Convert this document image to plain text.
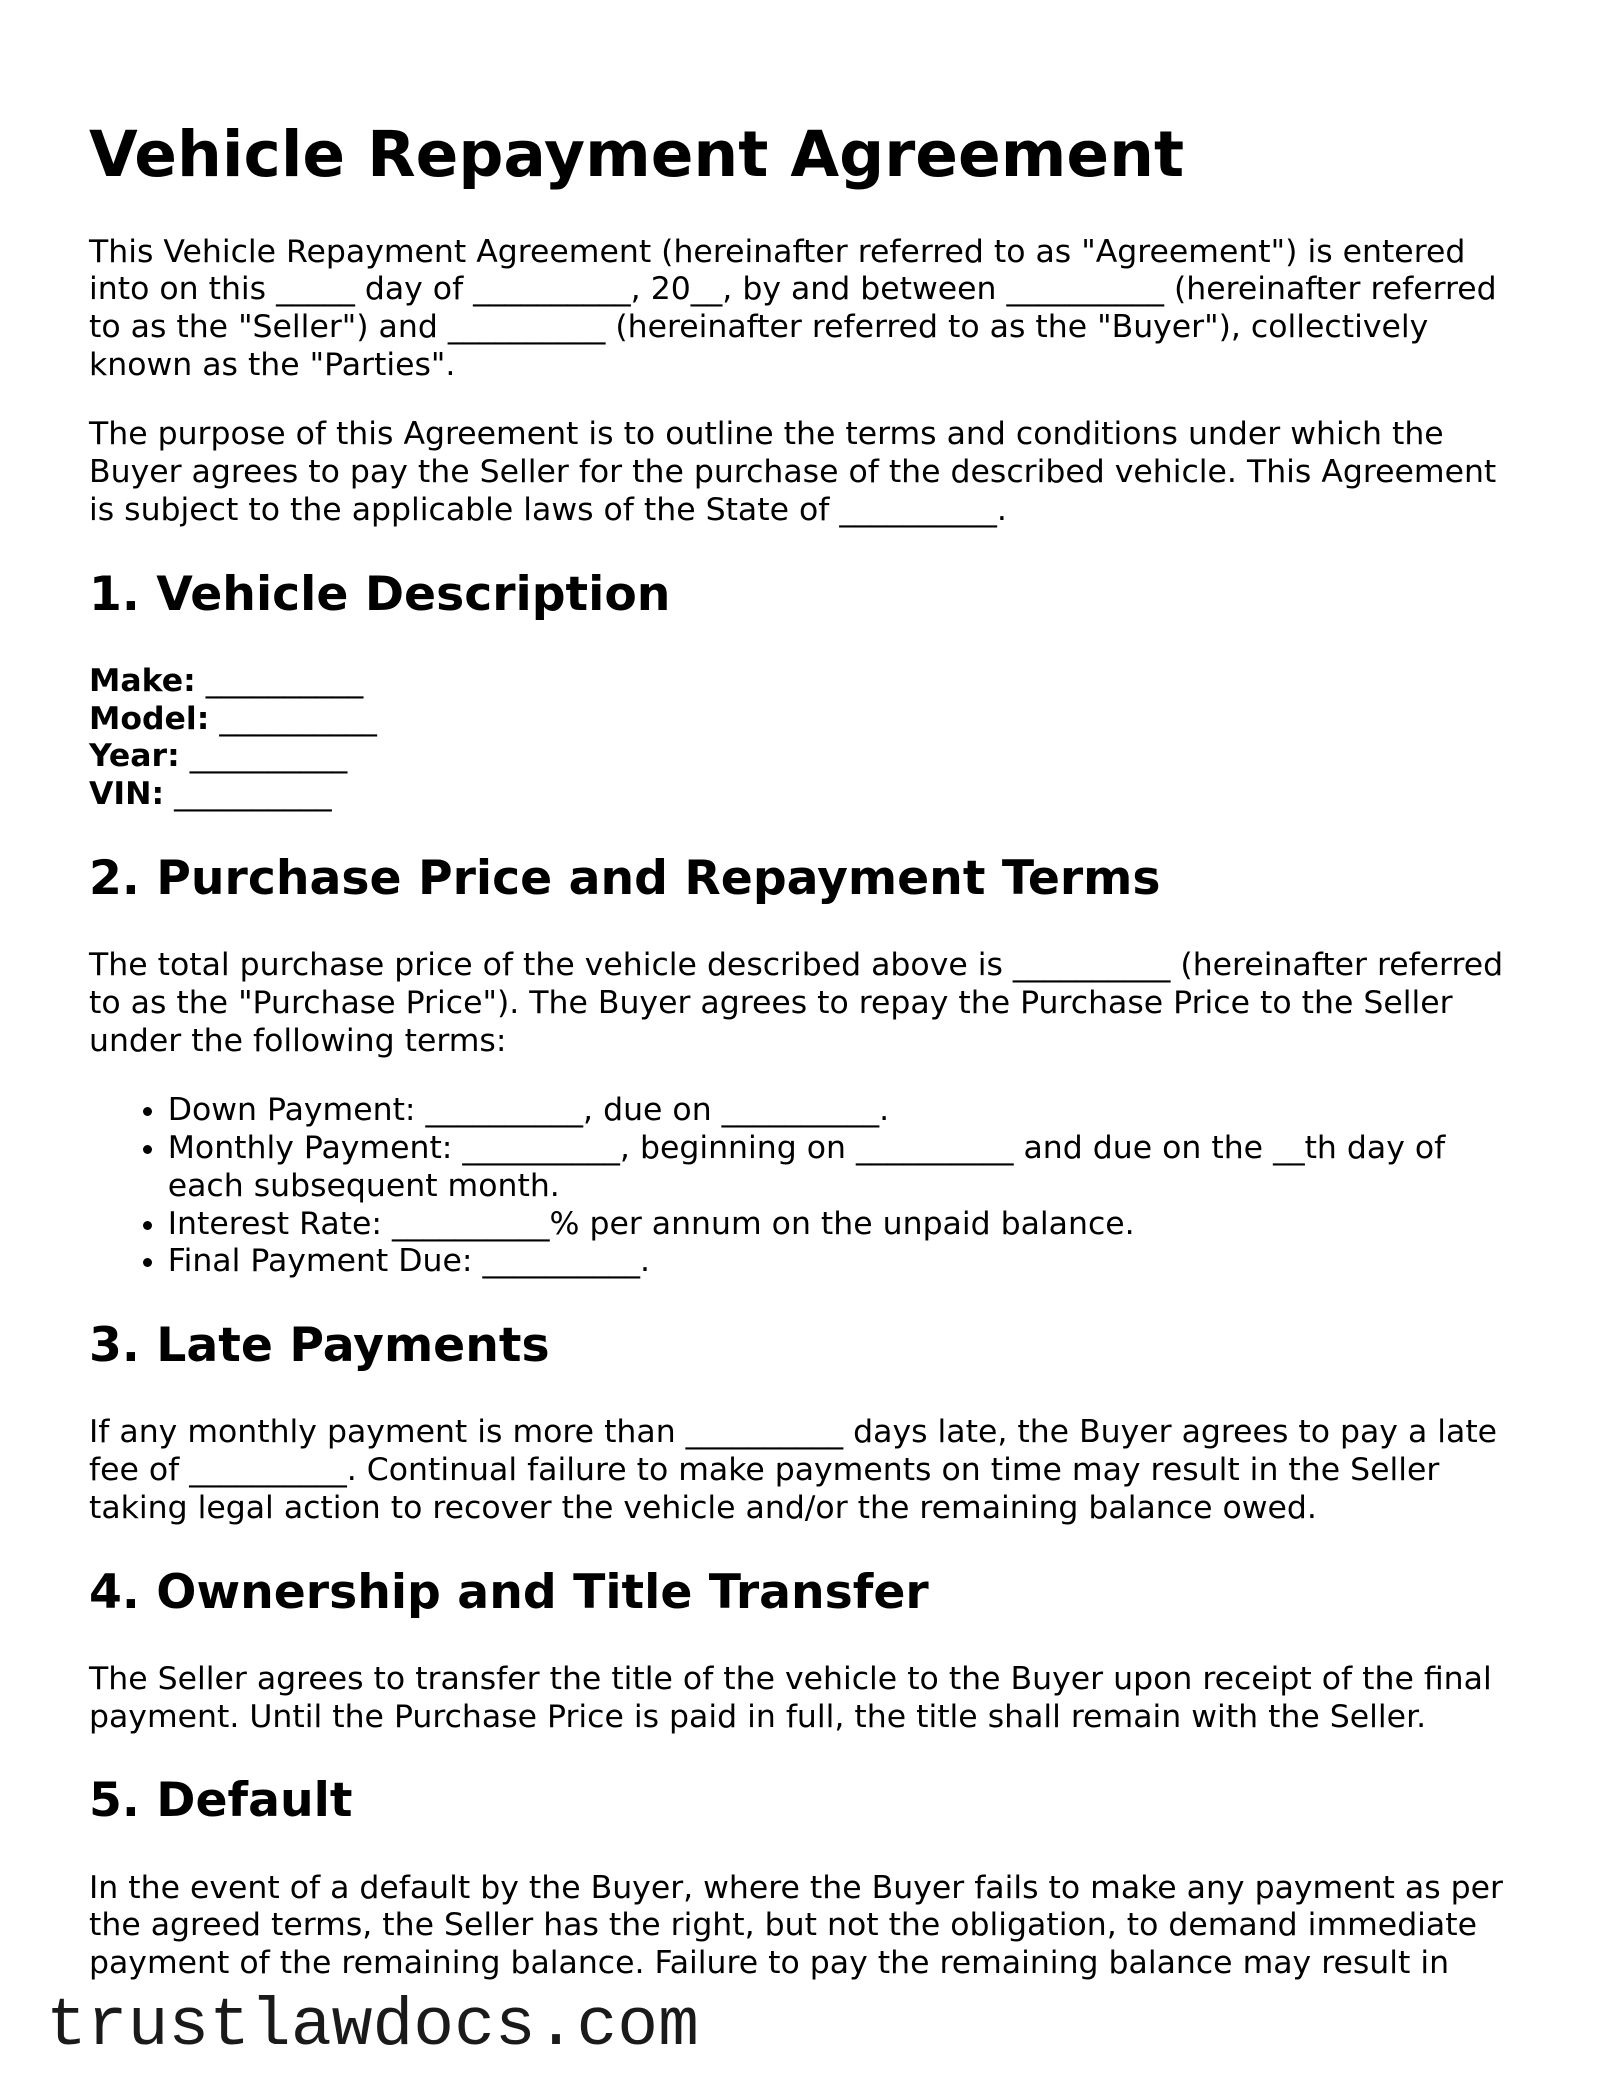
Vehicle Repayment Agreement

This Vehicle Repayment Agreement (hereinafter referred to as "Agreement") is entered into on this _____ day of __________, 20__, by and between __________ (hereinafter referred to as the "Seller") and __________ (hereinafter referred to as the "Buyer"), collectively known as the "Parties".

The purpose of this Agreement is to outline the terms and conditions under which the Buyer agrees to pay the Seller for the purchase of the described vehicle. This Agreement is subject to the applicable laws of the State of __________.

1. Vehicle Description
Make: __________
Model: __________
Year: __________
VIN: __________
2. Purchase Price and Repayment Terms

The total purchase price of the vehicle described above is __________ (hereinafter referred to as the "Purchase Price"). The Buyer agrees to repay the Purchase Price to the Seller under the following terms:

• Down Payment: __________, due on __________.
• Monthly Payment: __________, beginning on __________ and due on the __th day of each subsequent month.
• Interest Rate: __________% per annum on the unpaid balance.
• Final Payment Due: __________.
3. Late Payments

If any monthly payment is more than __________ days late, the Buyer agrees to pay a late fee of __________. Continual failure to make payments on time may result in the Seller taking legal action to recover the vehicle and/or the remaining balance owed.

4. Ownership and Title Transfer

The Seller agrees to transfer the title of the vehicle to the Buyer upon receipt of the final payment. Until the Purchase Price is paid in full, the title shall remain with the Seller.

5. Default

In the event of a default by the Buyer, where the Buyer fails to make any payment as per the agreed terms, the Seller has the right, but not the obligation, to demand immediate payment of the remaining balance. Failure to pay the remaining balance may result in

trustlawdocs.com
